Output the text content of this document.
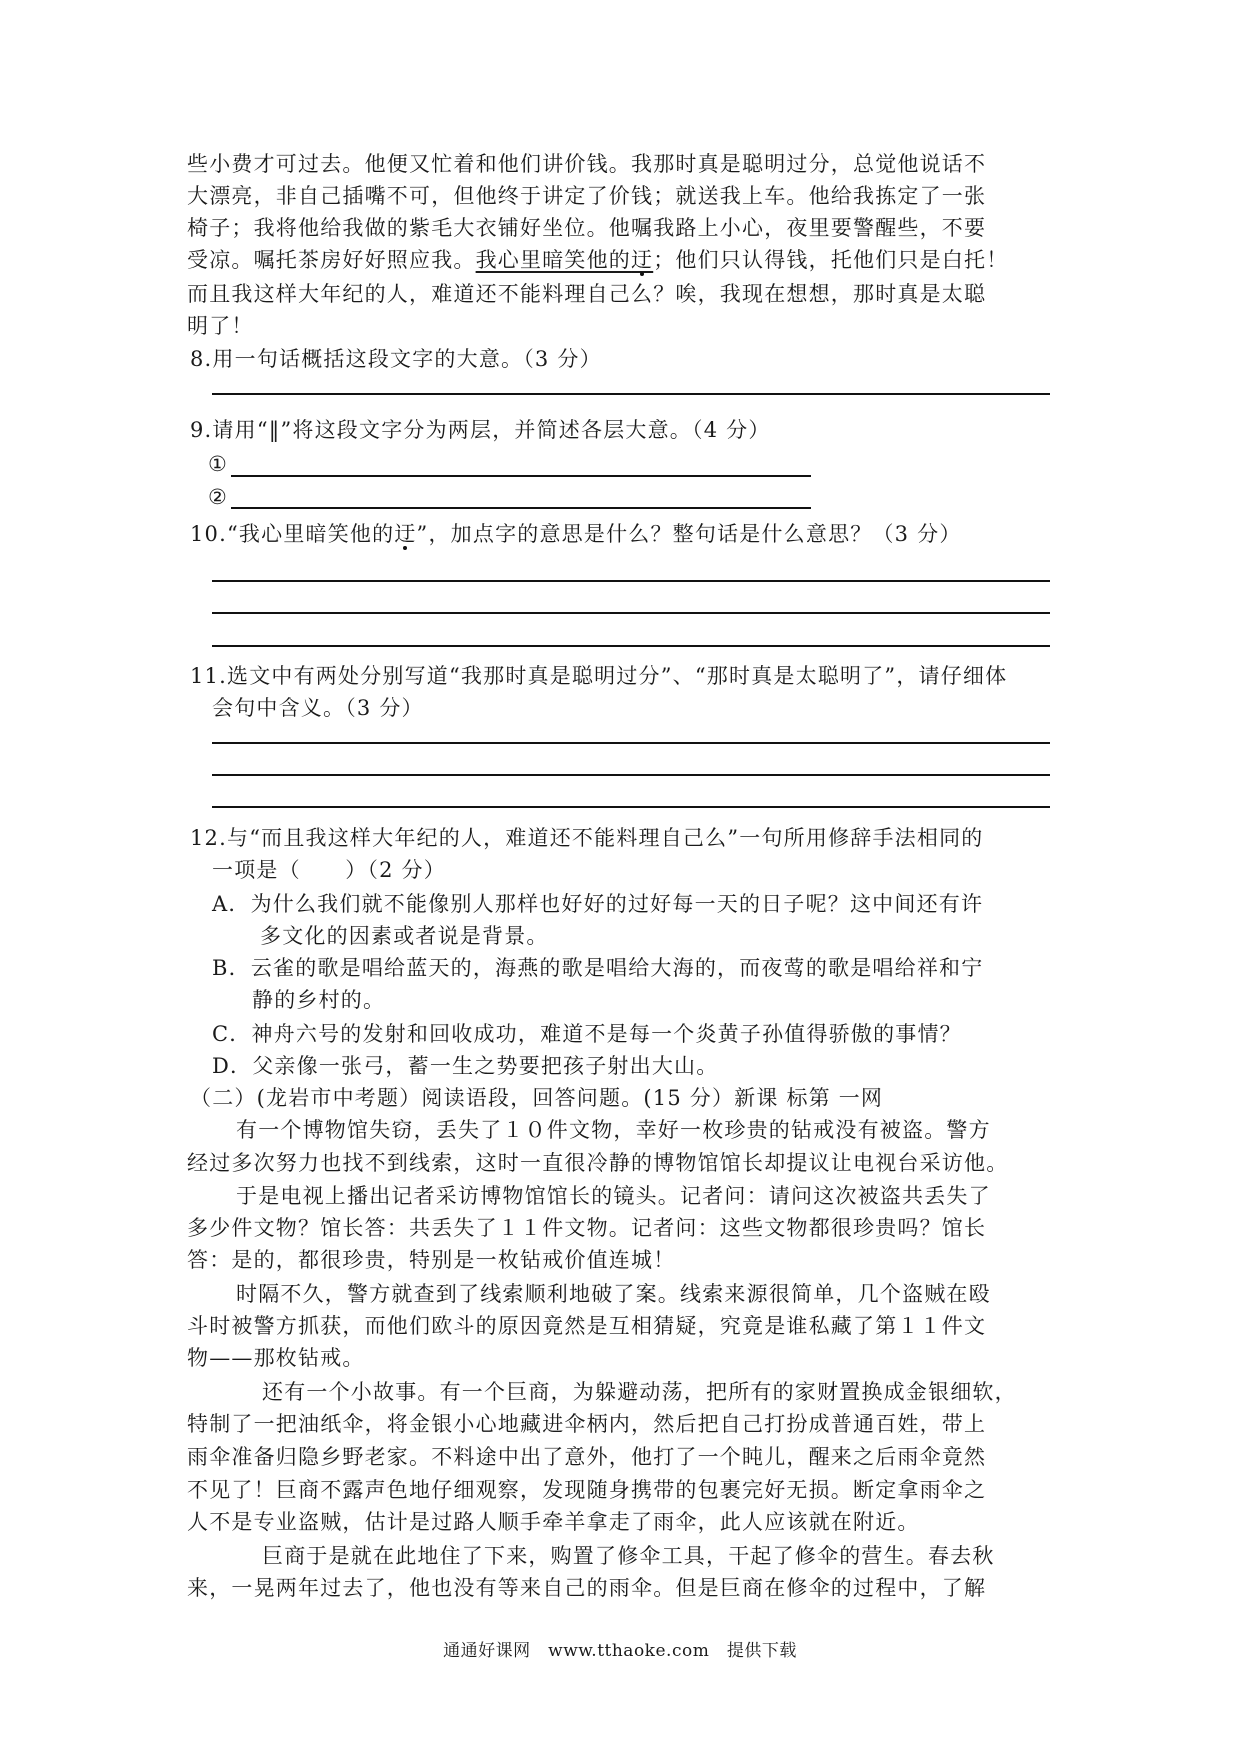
些小费才可过去。他便又忙着和他们讲价钱。我那时真是聪明过分，总觉他说话不
大漂亮，非自己插嘴不可，但他终于讲定了价钱；就送我上车。他给我拣定了一张
椅子；我将他给我做的紫毛大衣铺好坐位。他嘱我路上小心，夜里要警醒些，不要
受凉。嘱托茶房好好照应我。我心里暗笑他的迂；他们只认得钱，托他们只是白托！
而且我这样大年纪的人，难道还不能料理自己么？唉，我现在想想，那时真是太聪
明了！
8.用一句话概括这段文字的大意。（3 分）
9.请用“‖”将这段文字分为两层，并简述各层大意。（4 分）
①
②
10.“我心里暗笑他的迂”，加点字的意思是什么？整句话是什么意思？（3 分）
11.选文中有两处分别写道“我那时真是聪明过分”、“那时真是太聪明了”，请仔细体
会句中含义。（3 分）
12.与“而且我这样大年纪的人，难道还不能料理自己么”一句所用修辞手法相同的
一项是（　　）（2 分）
A．为什么我们就不能像别人那样也好好的过好每一天的日子呢？这中间还有许
多文化的因素或者说是背景。
B．云雀的歌是唱给蓝天的，海燕的歌是唱给大海的，而夜莺的歌是唱给祥和宁
静的乡村的。
C．神舟六号的发射和回收成功，难道不是每一个炎黄子孙值得骄傲的事情？
D．父亲像一张弓，蓄一生之势要把孩子射出大山。
（二）(龙岩市中考题）阅读语段，回答问题。(15 分）新课 标第 一网
有一个博物馆失窃，丢失了１０件文物，幸好一枚珍贵的钻戒没有被盗。警方
经过多次努力也找不到线索，这时一直很冷静的博物馆馆长却提议让电视台采访他。
于是电视上播出记者采访博物馆馆长的镜头。记者问：请问这次被盗共丢失了
多少件文物？馆长答：共丢失了１１件文物。记者问：这些文物都很珍贵吗？馆长
答：是的，都很珍贵，特别是一枚钻戒价值连城！
时隔不久，警方就查到了线索顺利地破了案。线索来源很简单，几个盗贼在殴
斗时被警方抓获，而他们欧斗的原因竟然是互相猜疑，究竟是谁私藏了第１１件文
物——那枚钻戒。
还有一个小故事。有一个巨商，为躲避动荡，把所有的家财置换成金银细软，
特制了一把油纸伞，将金银小心地藏进伞柄内，然后把自己打扮成普通百姓，带上
雨伞准备归隐乡野老家。不料途中出了意外，他打了一个盹儿，醒来之后雨伞竟然
不见了！巨商不露声色地仔细观察，发现随身携带的包裹完好无损。断定拿雨伞之
人不是专业盗贼，估计是过路人顺手牵羊拿走了雨伞，此人应该就在附近。
巨商于是就在此地住了下来，购置了修伞工具，干起了修伞的营生。春去秋
来，一晃两年过去了，他也没有等来自己的雨伞。但是巨商在修伞的过程中，了解
通通好课网　www.tthaoke.com　提供下载
